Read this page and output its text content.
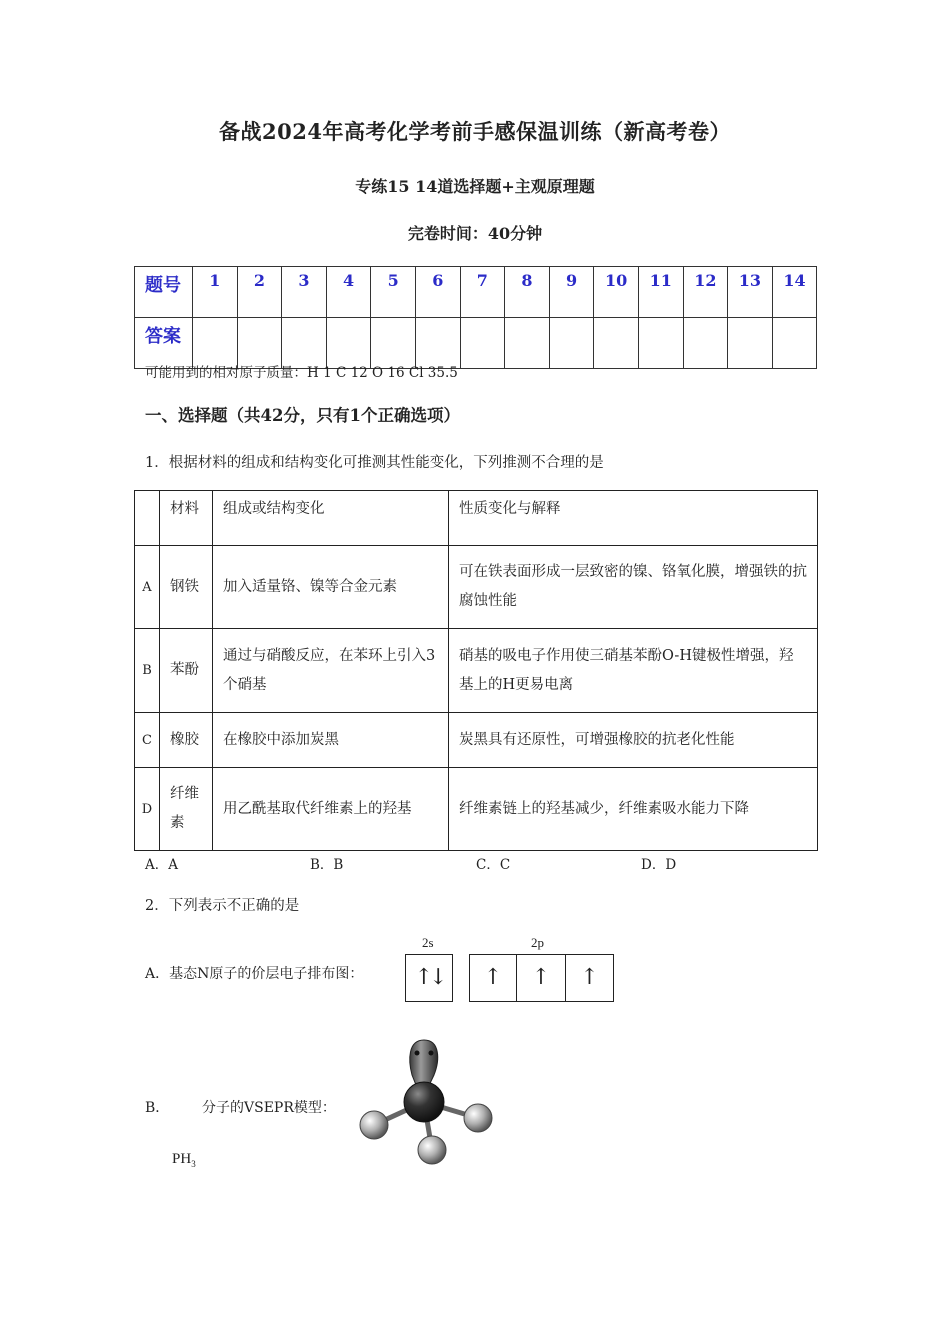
备战2024年高考化学考前手感保温训练（新高考卷）
专练15 14道选择题+主观原理题
完卷时间：40分钟
题号	1	2	3	4	5	6	7	8	9	10	11	12	13	14
答案														
可能用到的相对原子质量：H 1 C 12 O 16 Cl 35.5
一、选择题（共42分，只有1个正确选项）
1．根据材料的组成和结构变化可推测其性能变化，下列推测不合理的是
	材料	组成或结构变化	性质变化与解释
A	钢铁	加入适量铬、镍等合金元素	可在铁表面形成一层致密的镍、铬氧化膜，增强铁的抗腐蚀性能
B	苯酚	通过与硝酸反应，在苯环上引入3个硝基	硝基的吸电子作用使三硝基苯酚O-H键极性增强，羟基上的H更易电离
C	橡胶	在橡胶中添加炭黑	炭黑具有还原性，可增强橡胶的抗老化性能
D	纤维素	用乙酰基取代纤维素上的羟基	纤维素链上的羟基减少，纤维素吸水能力下降
A．A	B．B	C．C	D．D
2．下列表示不正确的是
A．基态N原子的价层电子排布图：
2s	2p
↑↓	↑	↑	↑
B． 分子的VSEPR模型：
$PH_3$
